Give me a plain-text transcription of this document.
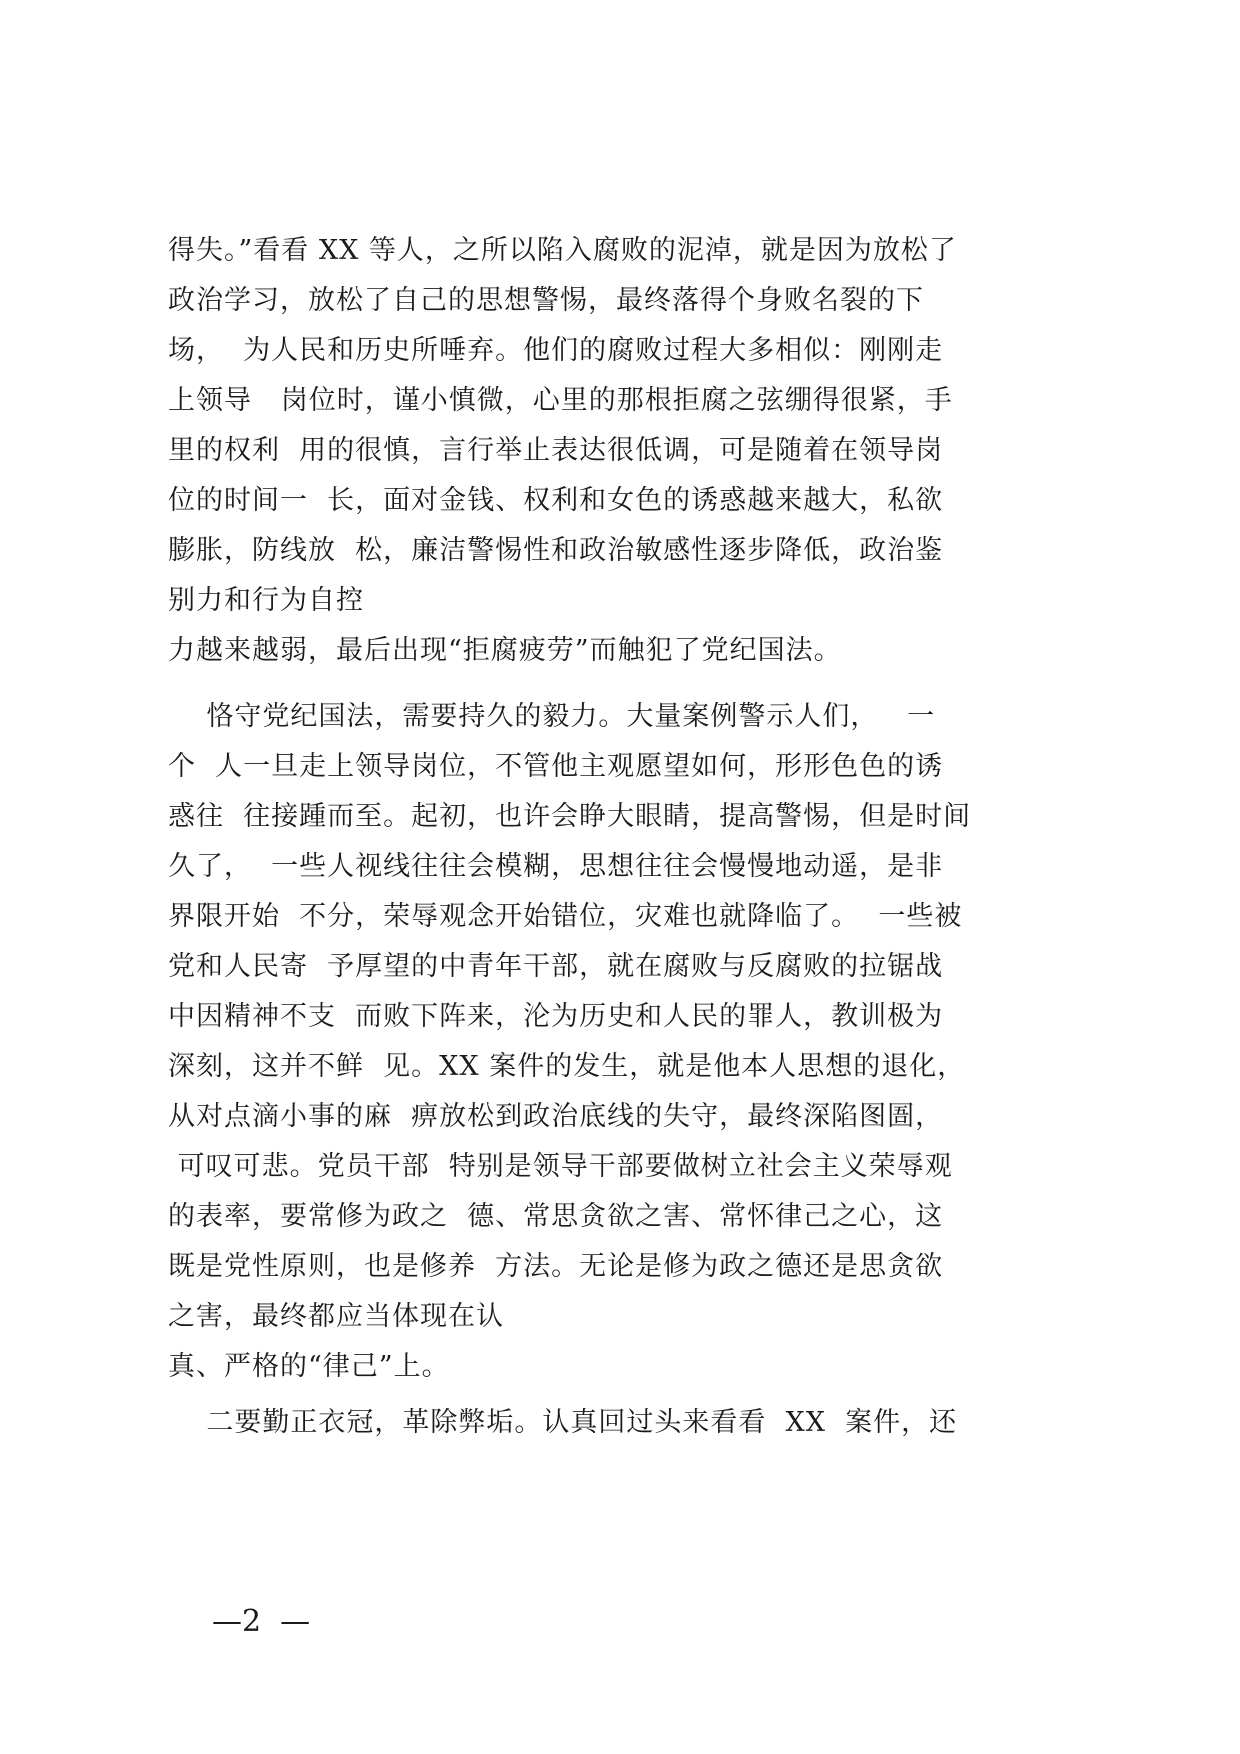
得失。”看看 XX 等人，之所以陷入腐败的泥淖，就是因为放松了
政治学习，放松了自己的思想警惕，最终落得个身败名裂的下
场，  为人民和历史所唾弃。他们的腐败过程大多相似：刚刚走
上领导   岗位时，谨小慎微，心里的那根拒腐之弦绷得很紧，手
里的权利  用的很慎，言行举止表达很低调，可是随着在领导岗
位的时间一  长，面对金钱、权利和女色的诱惑越来越大，私欲
膨胀，防线放  松，廉洁警惕性和政治敏感性逐步降低，政治鉴
别力和行为自控
力越来越弱，最后出现“拒腐疲劳”而触犯了党纪国法。
恪守党纪国法，需要持久的毅力。大量案例警示人们，   一
个  人一旦走上领导岗位，不管他主观愿望如何，形形色色的诱
惑往  往接踵而至。起初，也许会睁大眼睛，提高警惕，但是时间
久了，  一些人视线往往会模糊，思想往往会慢慢地动遥，是非
界限开始  不分，荣辱观念开始错位，灾难也就降临了。  一些被
党和人民寄  予厚望的中青年干部，就在腐败与反腐败的拉锯战
中因精神不支  而败下阵来，沦为历史和人民的罪人，教训极为
深刻，这并不鲜  见。XX 案件的发生，就是他本人思想的退化，
从对点滴小事的麻  痹放松到政治底线的失守，最终深陷图圄，
可叹可悲。党员干部  特别是领导干部要做树立社会主义荣辱观
的表率，要常修为政之  德、常思贪欲之害、常怀律己之心，这
既是党性原则，也是修养  方法。无论是修为政之德还是思贪欲
之害，最终都应当体现在认
真、严格的“律己”上。
二要勤正衣冠，革除弊垢。认真回过头来看看  XX  案件，还
—2  —
